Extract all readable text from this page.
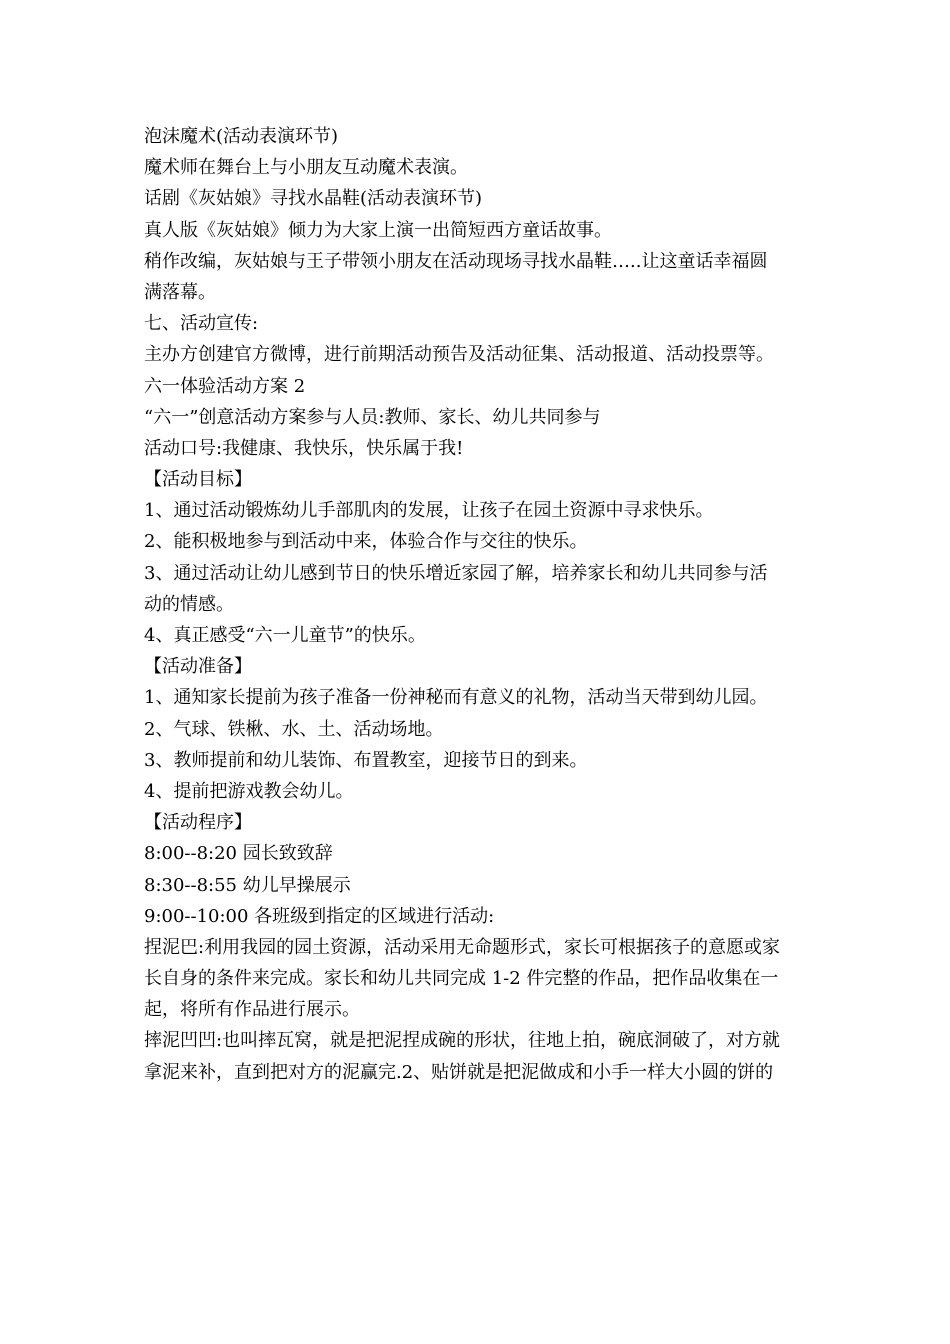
泡沫魔术(活动表演环节)
魔术师在舞台上与小朋友互动魔术表演。
话剧《灰姑娘》寻找水晶鞋(活动表演环节)
真人版《灰姑娘》倾力为大家上演一出简短西方童话故事。
稍作改编，灰姑娘与王子带领小朋友在活动现场寻找水晶鞋…..让这童话幸福圆
满落幕。
七、活动宣传:
主办方创建官方微博，进行前期活动预告及活动征集、活动报道、活动投票等。
六一体验活动方案 2
“六一”创意活动方案参与人员:教师、家长、幼儿共同参与
活动口号:我健康、我快乐，快乐属于我!
【活动目标】
1、通过活动锻炼幼儿手部肌肉的发展，让孩子在园土资源中寻求快乐。
2、能积极地参与到活动中来，体验合作与交往的快乐。
3、通过活动让幼儿感到节日的快乐增近家园了解，培养家长和幼儿共同参与活
动的情感。
4、真正感受“六一儿童节”的快乐。
【活动准备】
1、通知家长提前为孩子准备一份神秘而有意义的礼物，活动当天带到幼儿园。
2、气球、铁楸、水、土、活动场地。
3、教师提前和幼儿装饰、布置教室，迎接节日的到来。
4、提前把游戏教会幼儿。
【活动程序】
8:00--8:20 园长致致辞
8:30--8:55 幼儿早操展示
9:00--10:00 各班级到指定的区域进行活动:
捏泥巴:利用我园的园土资源，活动采用无命题形式，家长可根据孩子的意愿或家
长自身的条件来完成。家长和幼儿共同完成 1-2 件完整的作品，把作品收集在一
起，将所有作品进行展示。
摔泥凹凹:也叫摔瓦窝，就是把泥捏成碗的形状，往地上拍，碗底洞破了，对方就
拿泥来补，直到把对方的泥赢完.2、贴饼就是把泥做成和小手一样大小圆的饼的
